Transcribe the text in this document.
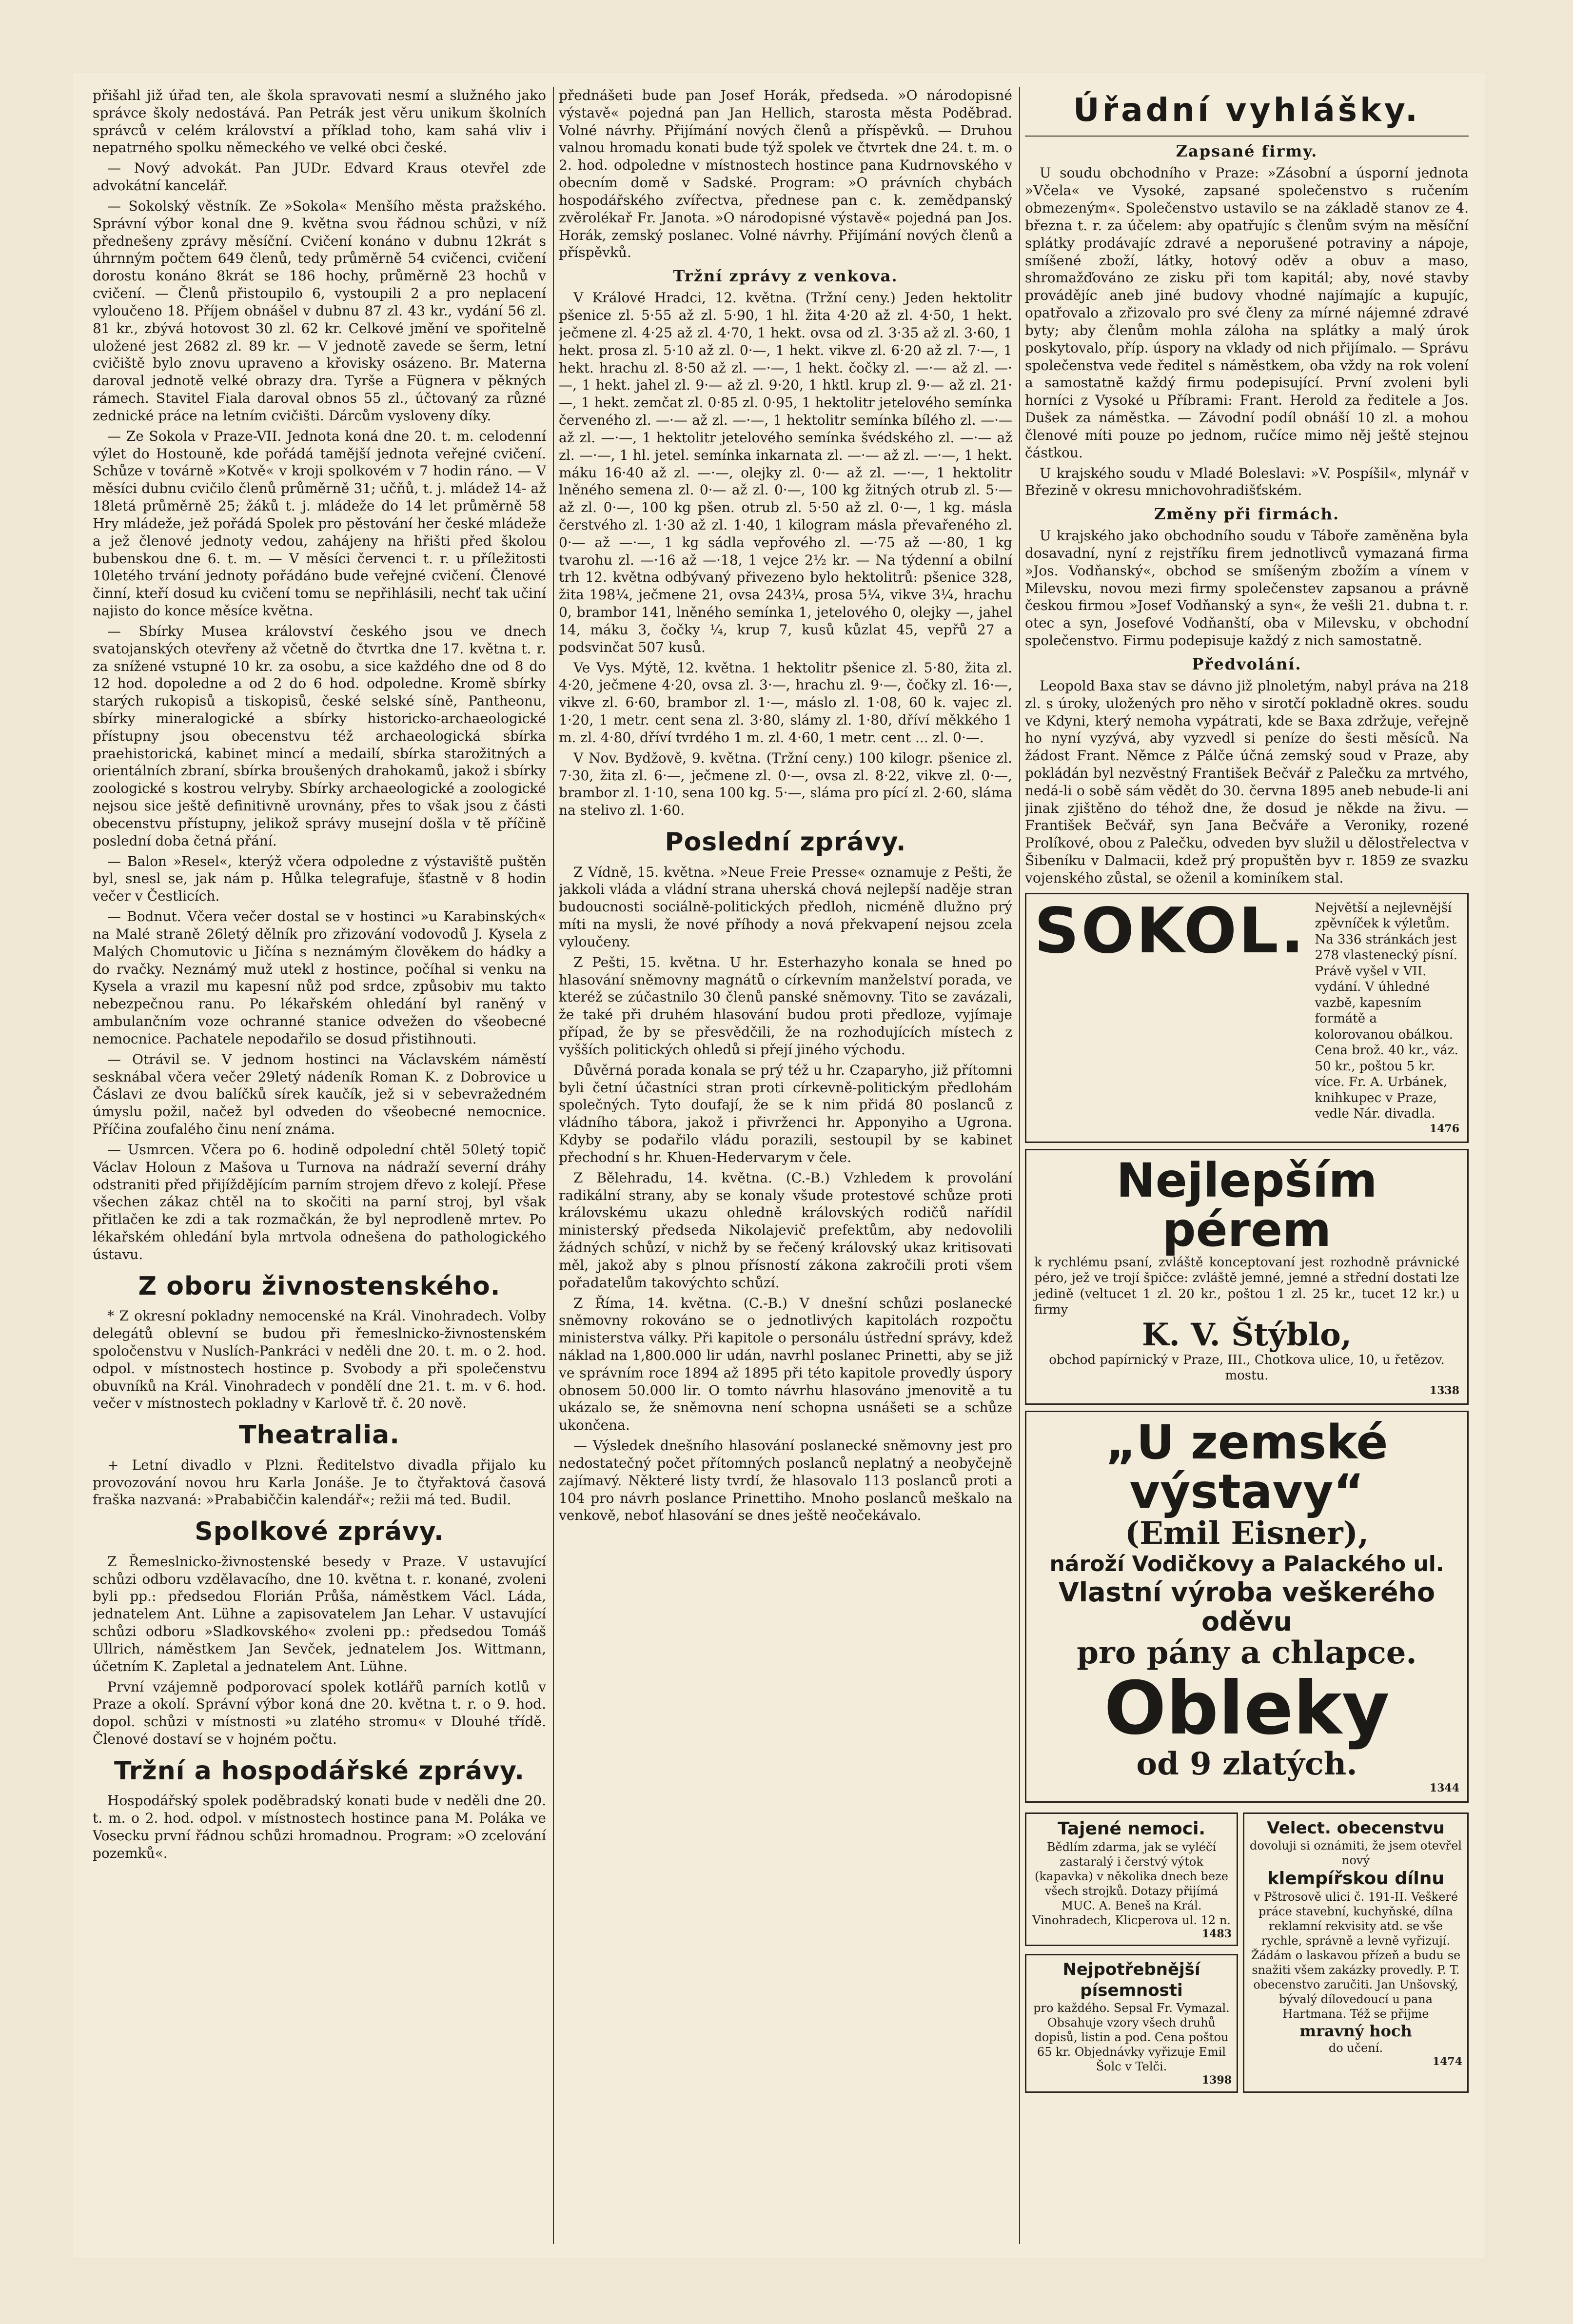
přišahl již úřad ten, ale škola spravovati nesmí a služného jako správce školy nedostává. Pan Petrák jest věru unikum školních správců v celém království a příklad toho, kam sahá vliv i nepatrného spolku německého ve velké obci české.

— Nový advokát. Pan JUDr. Edvard Kraus otevřel zde advokátní kancelář.

— Sokolský věstník. Ze »Sokola« Menšího města pražského. Správní výbor konal dne 9. května svou řádnou schůzi, v níž přednešeny zprávy měsíční. Cvičení konáno v dubnu 12krát s úhrnným počtem 649 členů, tedy průměrně 54 cvičenci, cvičení dorostu konáno 8krát se 186 hochy, průměrně 23 hochů v cvičení. — Členů přistoupilo 6, vystoupili 2 a pro neplacení vyloučeno 18. Příjem obnášel v dubnu 87 zl. 43 kr., vydání 56 zl. 81 kr., zbývá hotovost 30 zl. 62 kr. Celkové jmění ve spořitelně uložené jest 2682 zl. 89 kr. — V jednotě zavede se šerm, letní cvičiště bylo znovu upraveno a křovisky osázeno. Br. Materna daroval jednotě velké obrazy dra. Tyrše a Fügnera v pěkných rámech. Stavitel Fiala daroval obnos 55 zl., účtovaný za různé zednické práce na letním cvičišti. Dárcům vysloveny díky.

— Ze Sokola v Praze-VII. Jednota koná dne 20. t. m. celodenní výlet do Hostouně, kde pořádá tamější jednota veřejné cvičení. Schůze v továrně »Kotvě« v kroji spolkovém v 7 hodin ráno. — V měsíci dubnu cvičilo členů průměrně 31; učňů, t. j. mládež 14- až 18letá průměrně 25; žáků t. j. mládeže do 14 let průměrně 58 Hry mládeže, jež pořádá Spolek pro pěstování her české mládeže a jež členové jednoty vedou, zahájeny na hřišti před školou bubenskou dne 6. t. m. — V měsíci červenci t. r. u příležitosti 10letého trvání jednoty pořádáno bude veřejné cvičení. Členové činní, kteří dosud ku cvičení tomu se nepřihlásili, nechť tak učiní najisto do konce měsíce května.

— Sbírky Musea království českého jsou ve dnech svatojanských otevřeny až včetně do čtvrtka dne 17. května t. r. za snížené vstupné 10 kr. za osobu, a sice každého dne od 8 do 12 hod. dopoledne a od 2 do 6 hod. odpoledne. Kromě sbírky starých rukopisů a tiskopisů, české selské síně, Pantheonu, sbírky mineralogické a sbírky historicko-archaeologické přístupny jsou obecenstvu též archaeologická sbírka praehistorická, kabinet mincí a medailí, sbírka starožitných a orientálních zbraní, sbírka broušených drahokamů, jakož i sbírky zoologické s kostrou velryby. Sbírky archaeologické a zoologické nejsou sice ještě definitivně urovnány, přes to však jsou z části obecenstvu přístupny, jelikož správy musejní došla v tě příčině poslední doba četná přání.

— Balon »Resel«, kterýž včera odpoledne z výstaviště puštěn byl, snesl se, jak nám p. Hůlka telegrafuje, šťastně v 8 hodin večer v Čestlicích.

— Bodnut. Včera večer dostal se v hostinci »u Karabinských« na Malé straně 26letý dělník pro zřizování vodovodů J. Kysela z Malých Chomutovic u Jičína s neznámým člověkem do hádky a do rvačky. Neznámý muž utekl z hostince, počíhal si venku na Kysela a vrazil mu kapesní nůž pod srdce, způsobiv mu takto nebezpečnou ranu. Po lékařském ohledání byl raněný v ambulančním voze ochranné stanice odvežen do všeobecné nemocnice. Pachatele nepodařilo se dosud přistihnouti.

— Otrávil se. V jednom hostinci na Václavském náměstí sesknábal včera večer 29letý nádeník Roman K. z Dobrovice u Čáslavi ze dvou balíčků sírek kaučík, jež si v sebevražedném úmyslu požil, načež byl odveden do všeobecné nemocnice. Příčina zoufalého činu není známa.

— Usmrcen. Včera po 6. hodině odpolední chtěl 50letý topič Václav Holoun z Mašova u Turnova na nádraží severní dráhy odstraniti před přijíždějícím parním strojem dřevo z kolejí. Přese všechen zákaz chtěl na to skočiti na parní stroj, byl však přitlačen ke zdi a tak rozmačkán, že byl neprodleně mrtev. Po lékařském ohledání byla mrtvola odnešena do pathologického ústavu.

Z oboru živnostenského.

* Z okresní pokladny nemocenské na Král. Vinohradech. Volby delegátů oblevní se budou při řemeslnicko-živnostenském spoločenstvu v Nuslích-Pankráci v neděli dne 20. t. m. o 2. hod. odpol. v místnostech hostince p. Svobody a při společenstvu obuvníků na Král. Vinohradech v pondělí dne 21. t. m. v 6. hod. večer v místnostech pokladny v Karlově tř. č. 20 nově.

Theatralia.

+ Letní divadlo v Plzni. Ředitelstvo divadla přijalo ku provozování novou hru Karla Jonáše. Je to čtyřaktová časová fraška nazvaná: »Prababiččin kalendář«; režii má ted. Budil.

Spolkové zprávy.

Z Řemeslnicko-živnostenské besedy v Praze. V ustavující schůzi odboru vzdělavacího, dne 10. května t. r. konané, zvoleni byli pp.: předsedou Florián Průša, náměstkem Václ. Láda, jednatelem Ant. Lühne a zapisovatelem Jan Lehar. V ustavující schůzi odboru »Sladkovského« zvoleni pp.: předsedou Tomáš Ullrich, náměstkem Jan Sevček, jednatelem Jos. Wittmann, účetním K. Zapletal a jednatelem Ant. Lühne.

První vzájemně podporovací spolek kotlářů parních kotlů v Praze a okolí. Správní výbor koná dne 20. května t. r. o 9. hod. dopol. schůzi v místnosti »u zlatého stromu« v Dlouhé třídě. Členové dostaví se v hojném počtu.

Tržní a hospodářské zprávy.

Hospodářský spolek poděbradský konati bude v neděli dne 20. t. m. o 2. hod. odpol. v místnostech hostince pana M. Poláka ve Vosecku první řádnou schůzi hromadnou. Program: »O zcelování pozemků«.

přednášeti bude pan Josef Horák, předseda. »O národopisné výstavě« pojedná pan Jan Hellich, starosta města Poděbrad. Volné návrhy. Přijímání nových členů a příspěvků. — Druhou valnou hromadu konati bude týž spolek ve čtvrtek dne 24. t. m. o 2. hod. odpoledne v místnostech hostince pana Kudrnovského v obecním domě v Sadské. Program: »O právních chybách hospodářského zvířectva, přednese pan c. k. zemědpanský zvěrolékař Fr. Janota. »O národopisné výstavě« pojedná pan Jos. Horák, zemský poslanec. Volné návrhy. Přijímání nových členů a příspěvků.

Tržní zprávy z venkova.

V Králové Hradci, 12. května. (Tržní ceny.) Jeden hektolitr pšenice zl. 5·55 až zl. 5·90, 1 hl. žita 4·20 až zl. 4·50, 1 hekt. ječmene zl. 4·25 až zl. 4·70, 1 hekt. ovsa od zl. 3·35 až zl. 3·60, 1 hekt. prosa zl. 5·10 až zl. 0·—, 1 hekt. vikve zl. 6·20 až zl. 7·—, 1 hekt. hrachu zl. 8·50 až zl. —·—, 1 hekt. čočky zl. —·— až zl. —·—, 1 hekt. jahel zl. 9·— až zl. 9·20, 1 hktl. krup zl. 9·— až zl. 21·—, 1 hekt. zemčat zl. 0·85 zl. 0·95, 1 hektolitr jetelového semínka červeného zl. —·— až zl. —·—, 1 hektolitr semínka bílého zl. —·— až zl. —·—, 1 hektolitr jetelového semínka švédského zl. —·— až zl. —·—, 1 hl. jetel. semínka inkarnata zl. —·— až zl. —·—, 1 hekt. máku 16·40 až zl. —·—, olejky zl. 0·— až zl. —·—, 1 hektolitr lněného semena zl. 0·— až zl. 0·—, 100 kg žitných otrub zl. 5·— až zl. 0·—, 100 kg pšen. otrub zl. 5·50 až zl. 0·—, 1 kg. másla čerstvého zl. 1·30 až zl. 1·40, 1 kilogram másla převařeného zl. 0·— až —·—, 1 kg sádla vepřového zl. —·75 až —·80, 1 kg tvarohu zl. —·16 až —·18, 1 vejce 2½ kr. — Na týdenní a obilní trh 12. května odbývaný přivezeno bylo hektolitrů: pšenice 328, žita 198¼, ječmene 21, ovsa 243¼, prosa 5¼, vikve 3¼, hrachu 0, brambor 141, lněného semínka 1, jetelového 0, olejky —, jahel 14, máku 3, čočky ¼, krup 7, kusů kůzlat 45, vepřů 27 a podsvinčat 507 kusů.

Ve Vys. Mýtě, 12. května. 1 hektolitr pšenice zl. 5·80, žita zl. 4·20, ječmene 4·20, ovsa zl. 3·—, hrachu zl. 9·—, čočky zl. 16·—, vikve zl. 6·60, brambor zl. 1·—, máslo zl. 1·08, 60 k. vajec zl. 1·20, 1 metr. cent sena zl. 3·80, slámy zl. 1·80, dříví měkkého 1 m. zl. 4·80, dříví tvrdého 1 m. zl. 4·60, 1 metr. cent ... zl. 0·—.

V Nov. Bydžově, 9. května. (Tržní ceny.) 100 kilogr. pšenice zl. 7·30, žita zl. 6·—, ječmene zl. 0·—, ovsa zl. 8·22, vikve zl. 0·—, brambor zl. 1·10, sena 100 kg. 5·—, sláma pro pící zl. 2·60, sláma na stelivo zl. 1·60.

Poslední zprávy.

Z Vídně, 15. května. »Neue Freie Presse« oznamuje z Pešti, že jakkoli vláda a vládní strana uherská chová nejlepší naděje stran budoucnosti sociálně-politických předloh, nicméně dlužno prý míti na mysli, že nové příhody a nová překvapení nejsou zcela vyloučeny.

Z Pešti, 15. května. U hr. Esterhazyho konala se hned po hlasování sněmovny magnátů o církevním manželství porada, ve kteréž se zúčastnilo 30 členů panské sněmovny. Tito se zavázali, že také při druhém hlasování budou proti předloze, vyjímaje případ, že by se přesvědčili, že na rozhodujících místech z vyšších politických ohledů si přejí jiného východu.

Důvěrná porada konala se prý též u hr. Czaparyho, již přítomni byli četní účastníci stran proti církevně-politickým předlohám společných. Tyto doufají, že se k nim přidá 80 poslanců z vládního tábora, jakož i přivrženci hr. Apponyiho a Ugrona. Kdyby se podařilo vládu porazili, sestoupil by se kabinet přechodní s hr. Khuen-Hedervarym v čele.

Z Bělehradu, 14. května. (C.-B.) Vzhledem k provolání radikální strany, aby se konaly všude protestové schůze proti královskému ukazu ohledně královských rodičů nařídil ministerský předseda Nikolajevič prefektům, aby nedovolili žádných schůzí, v nichž by se řečený královský ukaz kritisovati měl, jakož aby s plnou přísností zákona zakročili proti všem pořadatelům takovýchto schůzí.

Z Říma, 14. května. (C.-B.) V dnešní schůzi poslanecké sněmovny rokováno se o jednotlivých kapitolách rozpočtu ministerstva války. Při kapitole o personálu ústřední správy, kdež náklad na 1,800.000 lir udán, navrhl poslanec Prinetti, aby se již ve správním roce 1894 až 1895 při této kapitole provedly úspory obnosem 50.000 lir. O tomto návrhu hlasováno jmenovitě a tu ukázalo se, že sněmovna není schopna usnášeti se a schůze ukončena.

— Výsledek dnešního hlasování poslanecké sněmovny jest pro nedostatečný počet přítomných poslanců neplatný a neobyčejně zajímavý. Některé listy tvrdí, že hlasovalo 113 poslanců proti a 104 pro návrh poslance Prinettiho. Mnoho poslanců meškalo na venkově, neboť hlasování se dnes ještě neočekávalo.

Úřadní vyhlášky.
Zapsané firmy.

U soudu obchodního v Praze: »Zásobní a úsporní jednota »Včela« ve Vysoké, zapsané společenstvo s ručením obmezeným«. Společenstvo ustavilo se na základě stanov ze 4. března t. r. za účelem: aby opatřujíc s členům svým na měsíční splátky prodávajíc zdravé a neporušené potraviny a nápoje, smíšené zboží, látky, hotový oděv a obuv a maso, shromažďováno ze zisku při tom kapitál; aby, nové stavby provádějíc aneb jiné budovy vhodné najímajíc a kupujíc, opatřovalo a zřizovalo pro své členy za mírné nájemné zdravé byty; aby členům mohla záloha na splátky a malý úrok poskytovalo, příp. úspory na vklady od nich přijímalo. — Správu společenstva vede ředitel s náměstkem, oba vždy na rok volení a samostatně každý firmu podepisující. První zvoleni byli horníci z Vysoké u Příbrami: Frant. Herold za ředitele a Jos. Dušek za náměstka. — Závodní podíl obnáší 10 zl. a mohou členové míti pouze po jednom, ručíce mimo něj ještě stejnou částkou.

U krajského soudu v Mladé Boleslavi: »V. Pospíšil«, mlynář v Březině v okresu mnichovohradišťském.

Změny při firmách.

U krajského jako obchodního soudu v Táboře zaměněna byla dosavadní, nyní z rejstříku firem jednotlivců vymazaná firma »Jos. Vodňanský«, obchod se smíšeným zbožím a vínem v Milevsku, novou mezi firmy společenstev zapsanou a právně českou firmou »Josef Vodňanský a syn«, že vešli 21. dubna t. r. otec a syn, Josefové Vodňanští, oba v Milevsku, v obchodní společenstvo. Firmu podepisuje každý z nich samostatně.

Předvolání.

Leopold Baxa stav se dávno již plnoletým, nabyl práva na 218 zl. s úroky, uložených pro něho v sirotčí pokladně okres. soudu ve Kdyni, který nemoha vypátrati, kde se Baxa zdržuje, veřejně ho nyní vyzývá, aby vyzvedl si peníze do šesti měsíců. Na žádost Frant. Němce z Pálče účná zemský soud v Praze, aby pokládán byl nezvěstný František Bečvář z Palečku za mrtvého, nedá-li o sobě sám vědět do 30. června 1895 aneb nebude-li ani jinak zjištěno do téhož dne, že dosud je někde na živu. — František Bečvář, syn Jana Bečváře a Veroniky, rozené Prolíkové, obou z Palečku, odveden byv služil u dělostřelectva v Šibeníku v Dalmacii, kdež prý propuštěn byv r. 1859 ze svazku vojenského zůstal, se oženil a kominíkem stal.

SOKOL. Největší a nejlevnější zpěvníček k výletům. Na 336 stránkách jest 278 vlastenecký písní. Právě vyšel v VII. vydání. V úhledné vazbě, kapesním formátě a kolorovanou obálkou. Cena brož. 40 kr., váz. 50 kr., poštou 5 kr. více. Fr. A. Urbánek, knihkupec v Praze, vedle Nár. divadla.
1476
Nejlepším pérem
k rychlému psaní, zvláště konceptovaní jest rozhodně právnické péro, jež ve trojí špičce: zvláště jemné, jemné a střední dostati lze jedině (veltucet 1 zl. 20 kr., poštou 1 zl. 25 kr., tucet 12 kr.) u firmy
K. V. Štýblo,
obchod papírnický v Praze, III., Chotkova ulice, 10, u řetězov. mostu.
1338
„U zemské výstavy“
(Emil Eisner),
nároží Vodičkovy a Palackého ul.
Vlastní výroba veškerého oděvu
pro pány a chlapce.
Obleky
od 9 zlatých.
1344
Tajené nemoci.
Bědlím zdarma, jak se vyléčí zastaralý i čerstvý výtok (kapavka) v několika dnech beze všech strojků. Dotazy přijímá MUC. A. Beneš na Král. Vinohradech, Klicperova ul. 12 n.
1483
Nejpotřebnější písemnosti
pro každého. Sepsal Fr. Vymazal. Obsahuje vzory všech druhů dopisů, listin a pod. Cena poštou 65 kr. Objednávky vyřizuje Emil Šolc v Telči.
1398
Velect. obecenstvu
dovoluji si oznámiti, že jsem otevřel nový
klempířskou dílnu
v Pštrosově ulici č. 191-II. Veškeré práce stavební, kuchyňské, dílna reklamní rekvisity atd. se vše rychle, správně a levně vyřizují. Žádám o laskavou přízeň a budu se snažiti všem zakázky provedly. P. T. obecenstvo zaručiti. Jan Unšovský, bývalý dílovedoucí u pana Hartmana. Též se přijme
mravný hoch
do učení.
1474
